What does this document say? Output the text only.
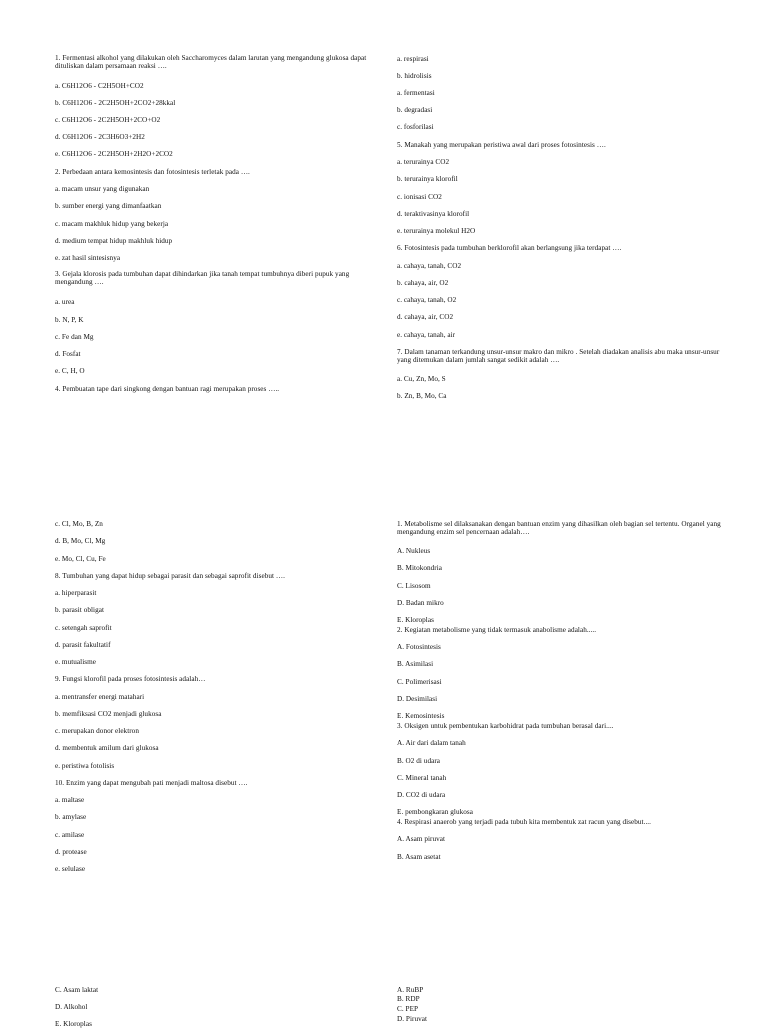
1. Fermentasi alkohol yang dilakukan oleh Saccharomyces dalam larutan yang mengandung glukosa dapat dituliskan dalam persamaan reaksi ….
a. C6H12O6 - C2H5OH+CO2
b. C6H12O6 - 2C2H5OH+2CO2+28kkal
c. C6H12O6 - 2C2H5OH+2CO+O2
d. C6H12O6 - 2C3H6O3+2H2
e. C6H12O6 - 2C2H5OH+2H2O+2CO2
2. Perbedaan antara kemosintesis dan fotosintesis terletak pada ….
a. macam unsur yang digunakan
b. sumber energi yang dimanfaatkan
c. macam makhluk hidup yang bekerja
d. medium tempat hidup makhluk hidup
e. zat hasil sintesisnya
3. Gejala klorosis pada tumbuhan dapat dihindarkan jika tanah tempat tumbuhnya diberi pupuk yang mengandung ….
a. urea
b. N, P, K
c. Fe dan Mg
d. Fosfat
e. C, H, O
4. Pembuatan tape dari singkong dengan bantuan ragi merupakan proses …..
a. respirasi
b. hidrolisis
a. fermentasi
b. degradasi
c. fosforilasi
5. Manakah yang merupakan peristiwa awal dari proses fotosintesis ….
a. terurainya CO2
b. terurainya klorofil
c. ionisasi CO2
d. teraktivasinya klorofil
e. terurainya molekul H2O
6. Fotosintesis pada tumbuhan berklorofil akan berlangsung jika terdapat ….
a. cahaya, tanah, CO2
b. cahaya, air, O2
c. cahaya, tanah, O2
d. cahaya, air, CO2
e. cahaya, tanah, air
7. Dalam tanaman terkandung unsur-unsur makro dan mikro . Setelah diadakan analisis abu maka unsur-unsur yang ditemukan dalam jumlah sangat sedikit adalah ….
a. Cu, Zn, Mo, S
b. Zn, B, Mo, Ca
c. Cl, Mo, B, Zn
d. B, Mo, Cl, Mg
e. Mo, Cl, Cu, Fe
8. Tumbuhan yang dapat hidup sebagai parasit dan sebagai saprofit disebut ….
a. hiperparasit
b. parasit obligat
c. setengah saprofit
d. parasit fakultatif
e. mutualisme
9. Fungsi klorofil pada proses fotosintesis adalah…
a. mentransfer energi matahari
b. memfiksasi CO2 menjadi glukosa
c. merupakan donor elektron
d. membentuk amilum dari glukosa
e. peristiwa fotolisis
10. Enzim yang dapat mengubah pati menjadi maltosa disebut ….
a. maltase
b. amylase
c. amilase
d. protease
e. selulase
1. Metabolisme sel dilaksanakan dengan bantuan enzim yang dihasilkan oleh bagian sel tertentu. Organel yang mengandung enzim sel pencernaan adalah….
A. Nukleus
B. Mitokondria
C. Lisosom
D. Badan mikro
E. Kloroplas
2. Kegiatan metabolisme yang tidak termasuk anabolisme adalah.....
A. Fotosintesis
B. Asimilasi
C. Polimerisasi
D. Desimilasi
E. Kemosintesis
3. Oksigen untuk pembentukan karbohidrat pada tumbuhan berasal dari....
A. Air dari dalam tanah
B. O2 di udara
C. Mineral tanah
D. CO2 di udara
E. pembongkaran glukosa
4. Respirasi anaerob yang terjadi pada tubuh kita membentuk zat racun yang disebut....
A. Asam piruvat
B. Asam asetat
C. Asam laktat
D. Alkohol
E. Kloroplas
A. RuBP
B. RDP
C. PEP
D. Piruvat
